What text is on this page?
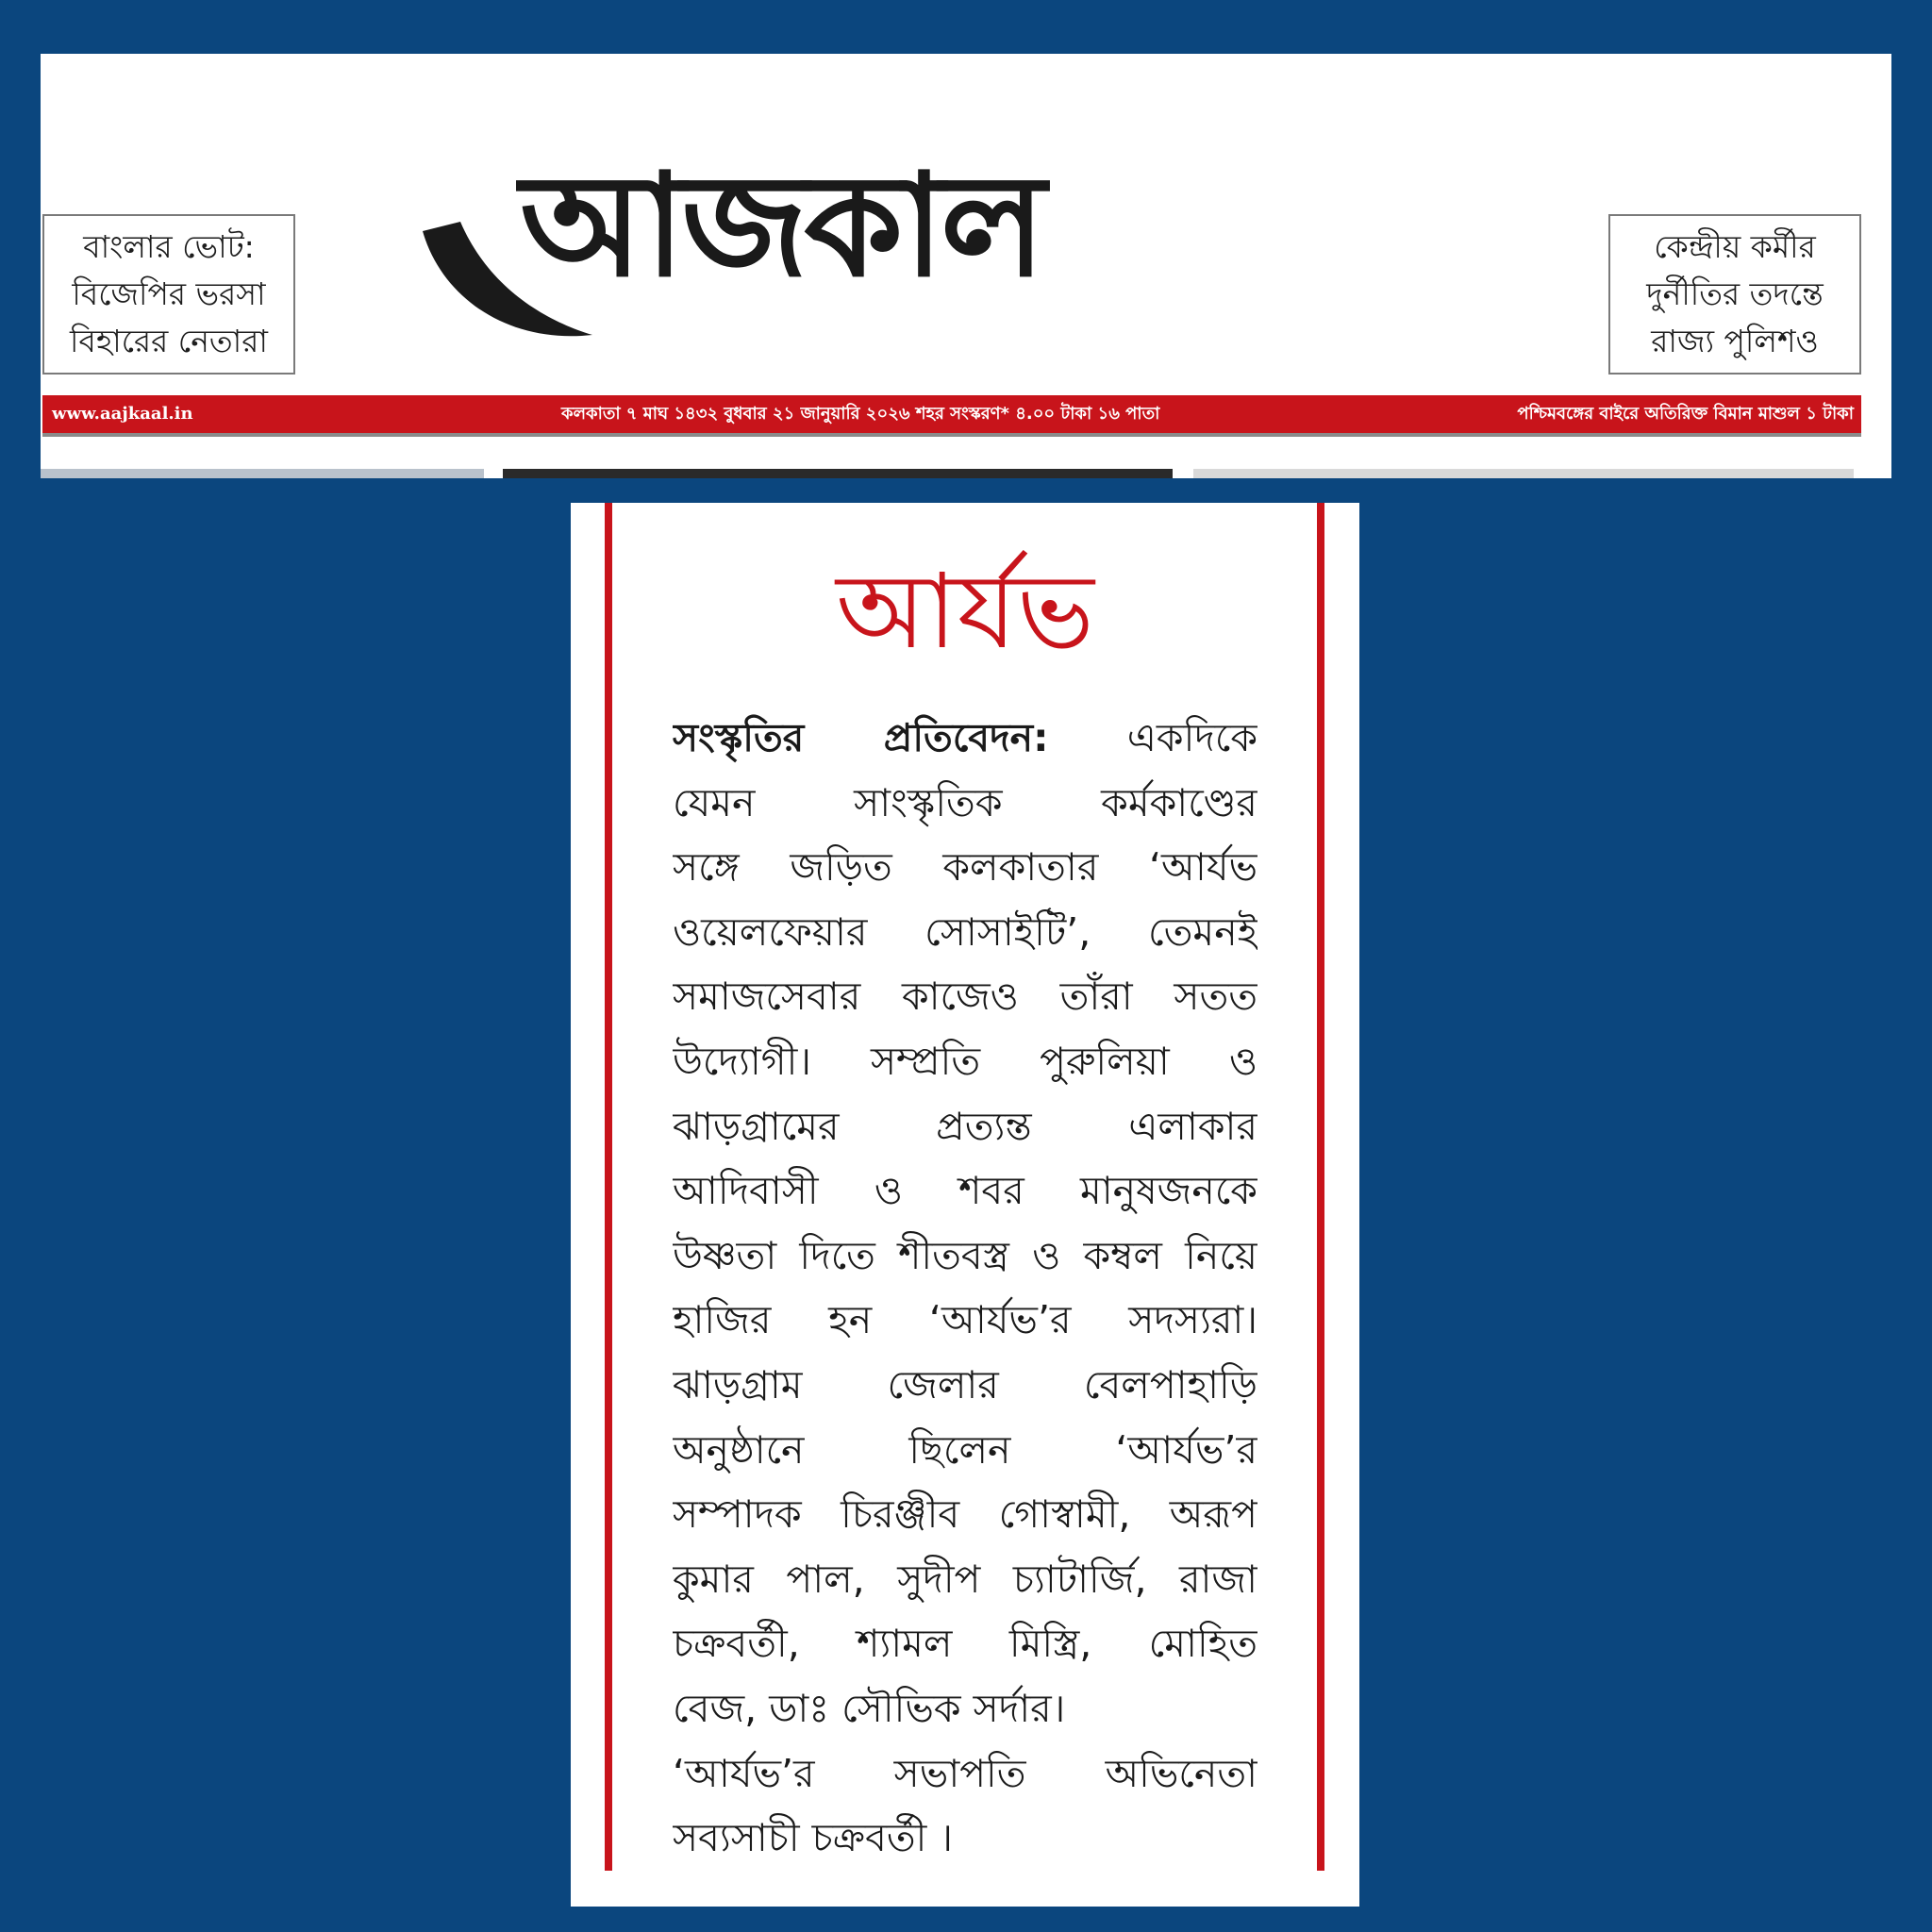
বাংলার ভোট:
বিজেপির ভরসা
বিহারের নেতারা
আজকাল	কেন্দ্রীয় কর্মীর
দুর্নীতির তদন্তে
রাজ্য পুলিশও
www.aajkaal.in	কলকাতা ৭ মাঘ ১৪৩২ বুধবার ২১ জানুয়ারি ২০২৬ শহর সংস্করণ* ৪.০০ টাকা ১৬ পাতা	পশ্চিমবঙ্গের বাইরে অতিরিক্ত বিমান মাশুল ১ টাকা
আর্যভ
সংস্কৃতির প্রতিবেদন: একদিকে
যেমন সাংস্কৃতিক কর্মকাণ্ডের
সঙ্গে জড়িত কলকাতার ‘আর্যভ
ওয়েলফেয়ার সোসাইটি’, তেমনই
সমাজসেবার কাজেও তাঁরা সতত
উদ্যোগী। সম্প্রতি পুরুলিয়া ও
ঝাড়গ্রামের প্রত্যন্ত এলাকার
আদিবাসী ও শবর মানুষজনকে
উষ্ণতা দিতে শীতবস্ত্র ও কম্বল নিয়ে
হাজির হন ‘আর্যভ’র সদস্যরা।
ঝাড়গ্রাম জেলার বেলপাহাড়ি
অনুষ্ঠানে ছিলেন ‘আর্যভ’র
সম্পাদক চিরঞ্জীব গোস্বামী, অরূপ
কুমার পাল, সুদীপ চ্যাটার্জি, রাজা
চক্রবর্তী, শ্যামল মিস্ত্রি, মোহিত
বেজ, ডাঃ সৌভিক সর্দার।
‘আর্যভ’র সভাপতি অভিনেতা
সব্যসাচী চক্রবর্তী ।
